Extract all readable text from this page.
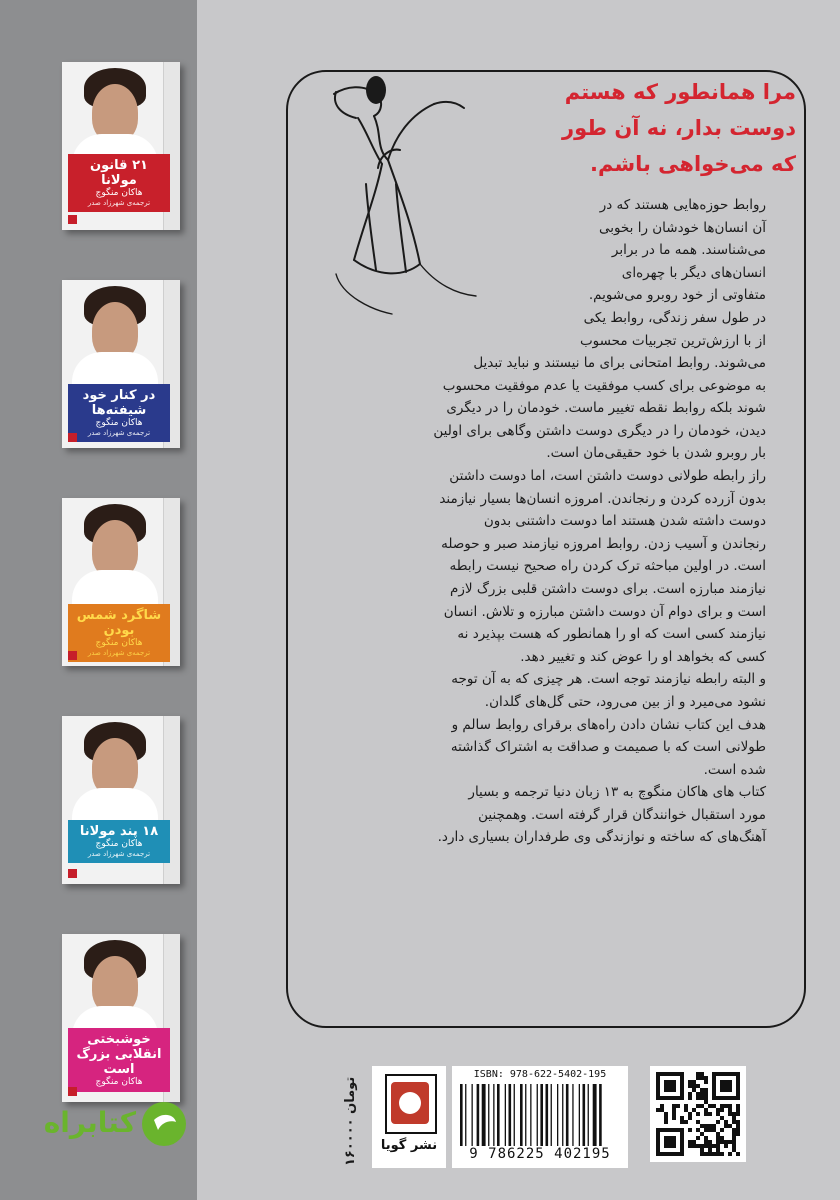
۲۱ قانون مولانا
هاکان منگوچ
ترجمه‌ی شهرزاد صدر
در کنار خود شیفته‌ها
هاکان منگوچ
ترجمه‌ی شهرزاد صدر
شاگرد شمس بودن
هاکان منگوچ
ترجمه‌ی شهرزاد صدر
۱۸ پند مولانا
هاکان منگوچ
ترجمه‌ی شهرزاد صدر
خوشبختی انقلابی بزرگ است
هاکان منگوچ
مرا همانطور که هستم
دوست بدار، نه آن طور
که می‌خواهی باشم.
روابط حوزه‌هایی هستند که در
آن انسان‌ها خودشان را بخوبی
می‌شناسند. همه ما در برابر
انسان‌های دیگر با چهره‌ای
متفاوتی از خود روبرو می‌شویم.
در طول سفر زندگی، روابط یکی
از با ارزش‌ترین تجربیات محسوب
می‌شوند. روابط امتحانی برای ما نیستند و نباید تبدیل
به موضوعی برای کسب موفقیت یا عدم موفقیت محسوب
شوند بلکه روابط نقطه تغییر ماست. خودمان را در دیگری
دیدن، خودمان را در دیگری دوست داشتن وگاهی برای اولین
بار روبرو شدن با خود حقیقی‌مان است.
راز رابطه طولانی دوست داشتن است، اما دوست داشتن
بدون آزرده کردن و رنجاندن. امروزه انسان‌ها بسیار نیازمند
دوست داشته شدن هستند اما دوست داشتنی بدون
رنجاندن و آسیب زدن. روابط امروزه نیازمند صبر و حوصله
است. در اولین مباحثه ترک کردن راه صحیح نیست رابطه
نیازمند مبارزه است. برای دوست داشتن قلبی بزرگ لازم
است و برای دوام آن دوست داشتن مبارزه و تلاش. انسان
نیازمند کسی است که او را همانطور که هست بپذیرد نه
کسی که بخواهد او را عوض کند و تغییر دهد.
و البته رابطه نیازمند توجه است. هر چیزی که به آن توجه
نشود می‌میرد و از بین می‌رود، حتی گل‌های گلدان.
هدف این کتاب نشان دادن راه‌های برقرای روابط سالم و
طولانی است که با صمیمت و صداقت به اشتراک گذاشته
شده است.
کتاب های هاکان منگوچ به ۱۳ زبان دنیا ترجمه و بسیار
مورد استقبال خوانندگان قرار گرفته است. وهمچنین
آهنگ‌های که ساخته و نوازندگی وی طرفداران بسیاری دارد.
۱۶۰۰۰۰ تومان
نشر گویا
ISBN: 978-622-5402-195
9 786225 402195
کتابراه
